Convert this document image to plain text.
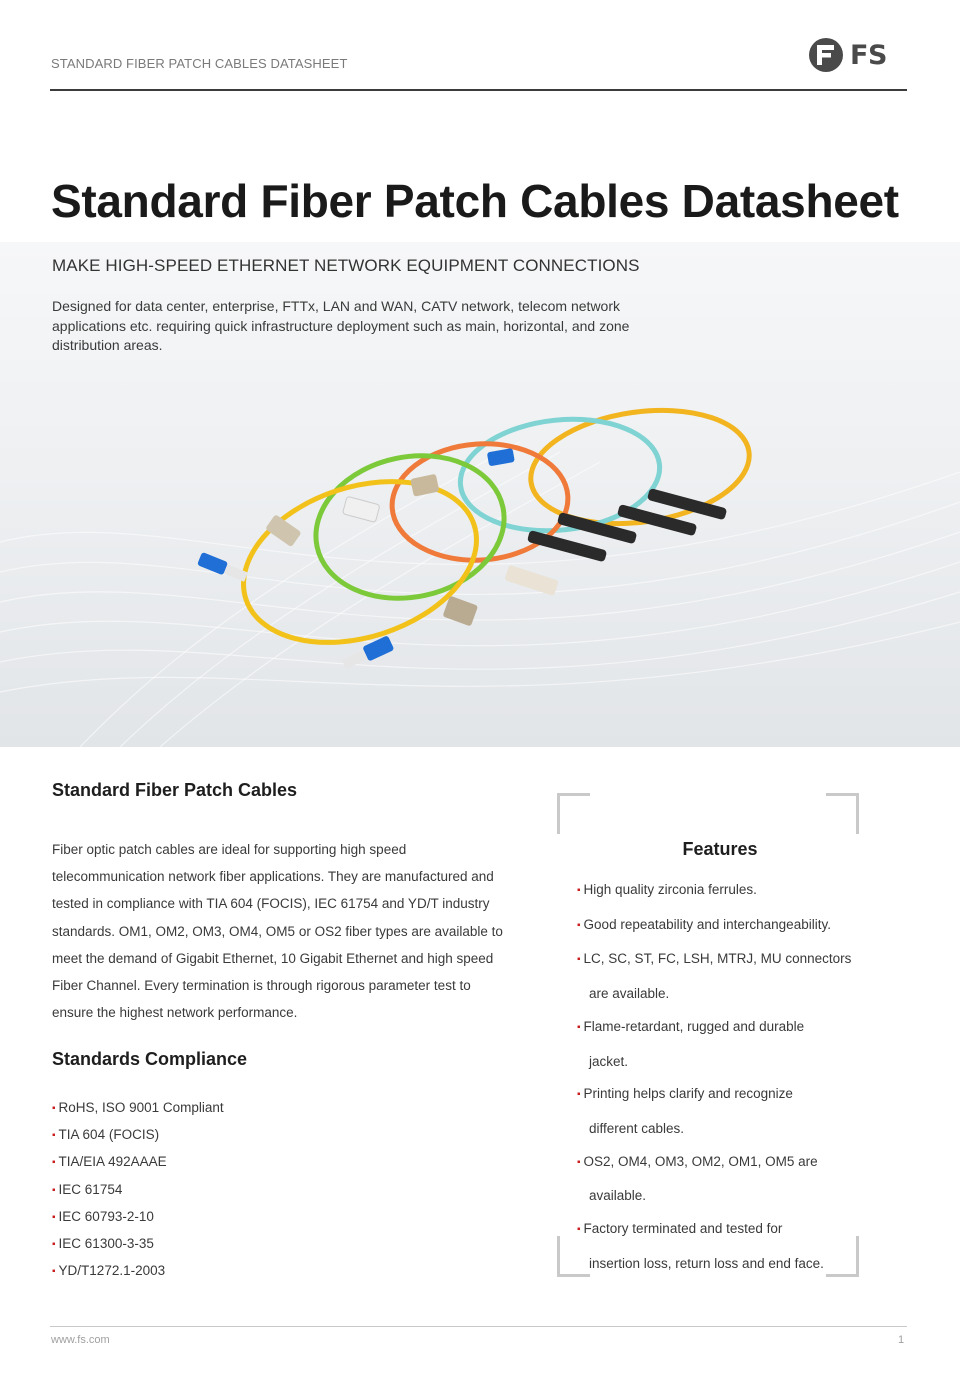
STANDARD FIBER PATCH CABLES DATASHEET	FS
Standard Fiber Patch Cables Datasheet
MAKE HIGH-SPEED ETHERNET NETWORK EQUIPMENT CONNECTIONS
Designed for data center, enterprise, FTTx, LAN and WAN, CATV network, telecom network applications etc. requiring quick infrastructure deployment such as main, horizontal, and zone distribution areas.
Standard Fiber Patch Cables
Fiber optic patch cables are ideal for supporting high speed telecommunication network fiber applications. They are manufactured and tested in compliance with TIA 604 (FOCIS), IEC 61754 and YD/T industry standards. OM1, OM2, OM3, OM4, OM5 or OS2 fiber types are available to meet the demand of Gigabit Ethernet, 10 Gigabit Ethernet and high speed Fiber Channel. Every termination is through rigorous parameter test to ensure the highest network performance.
Standards Compliance
▪ RoHS, ISO 9001 Compliant
▪ TIA 604 (FOCIS)
▪ TIA/EIA 492AAAE
▪ IEC 61754
▪ IEC 60793-2-10
▪ IEC 61300-3-35
▪ YD/T1272.1-2003
Features
▪ High quality zirconia ferrules.
▪ Good repeatability and interchangeability.
▪ LC, SC, ST, FC, LSH, MTRJ, MU connectors
are available.
▪ Flame-retardant, rugged and durable
jacket.
▪ Printing helps clarify and recognize
different cables.
▪ OS2, OM4, OM3, OM2, OM1, OM5 are
available.
▪ Factory terminated and tested for
insertion loss, return loss and end face.
www.fs.com	1
